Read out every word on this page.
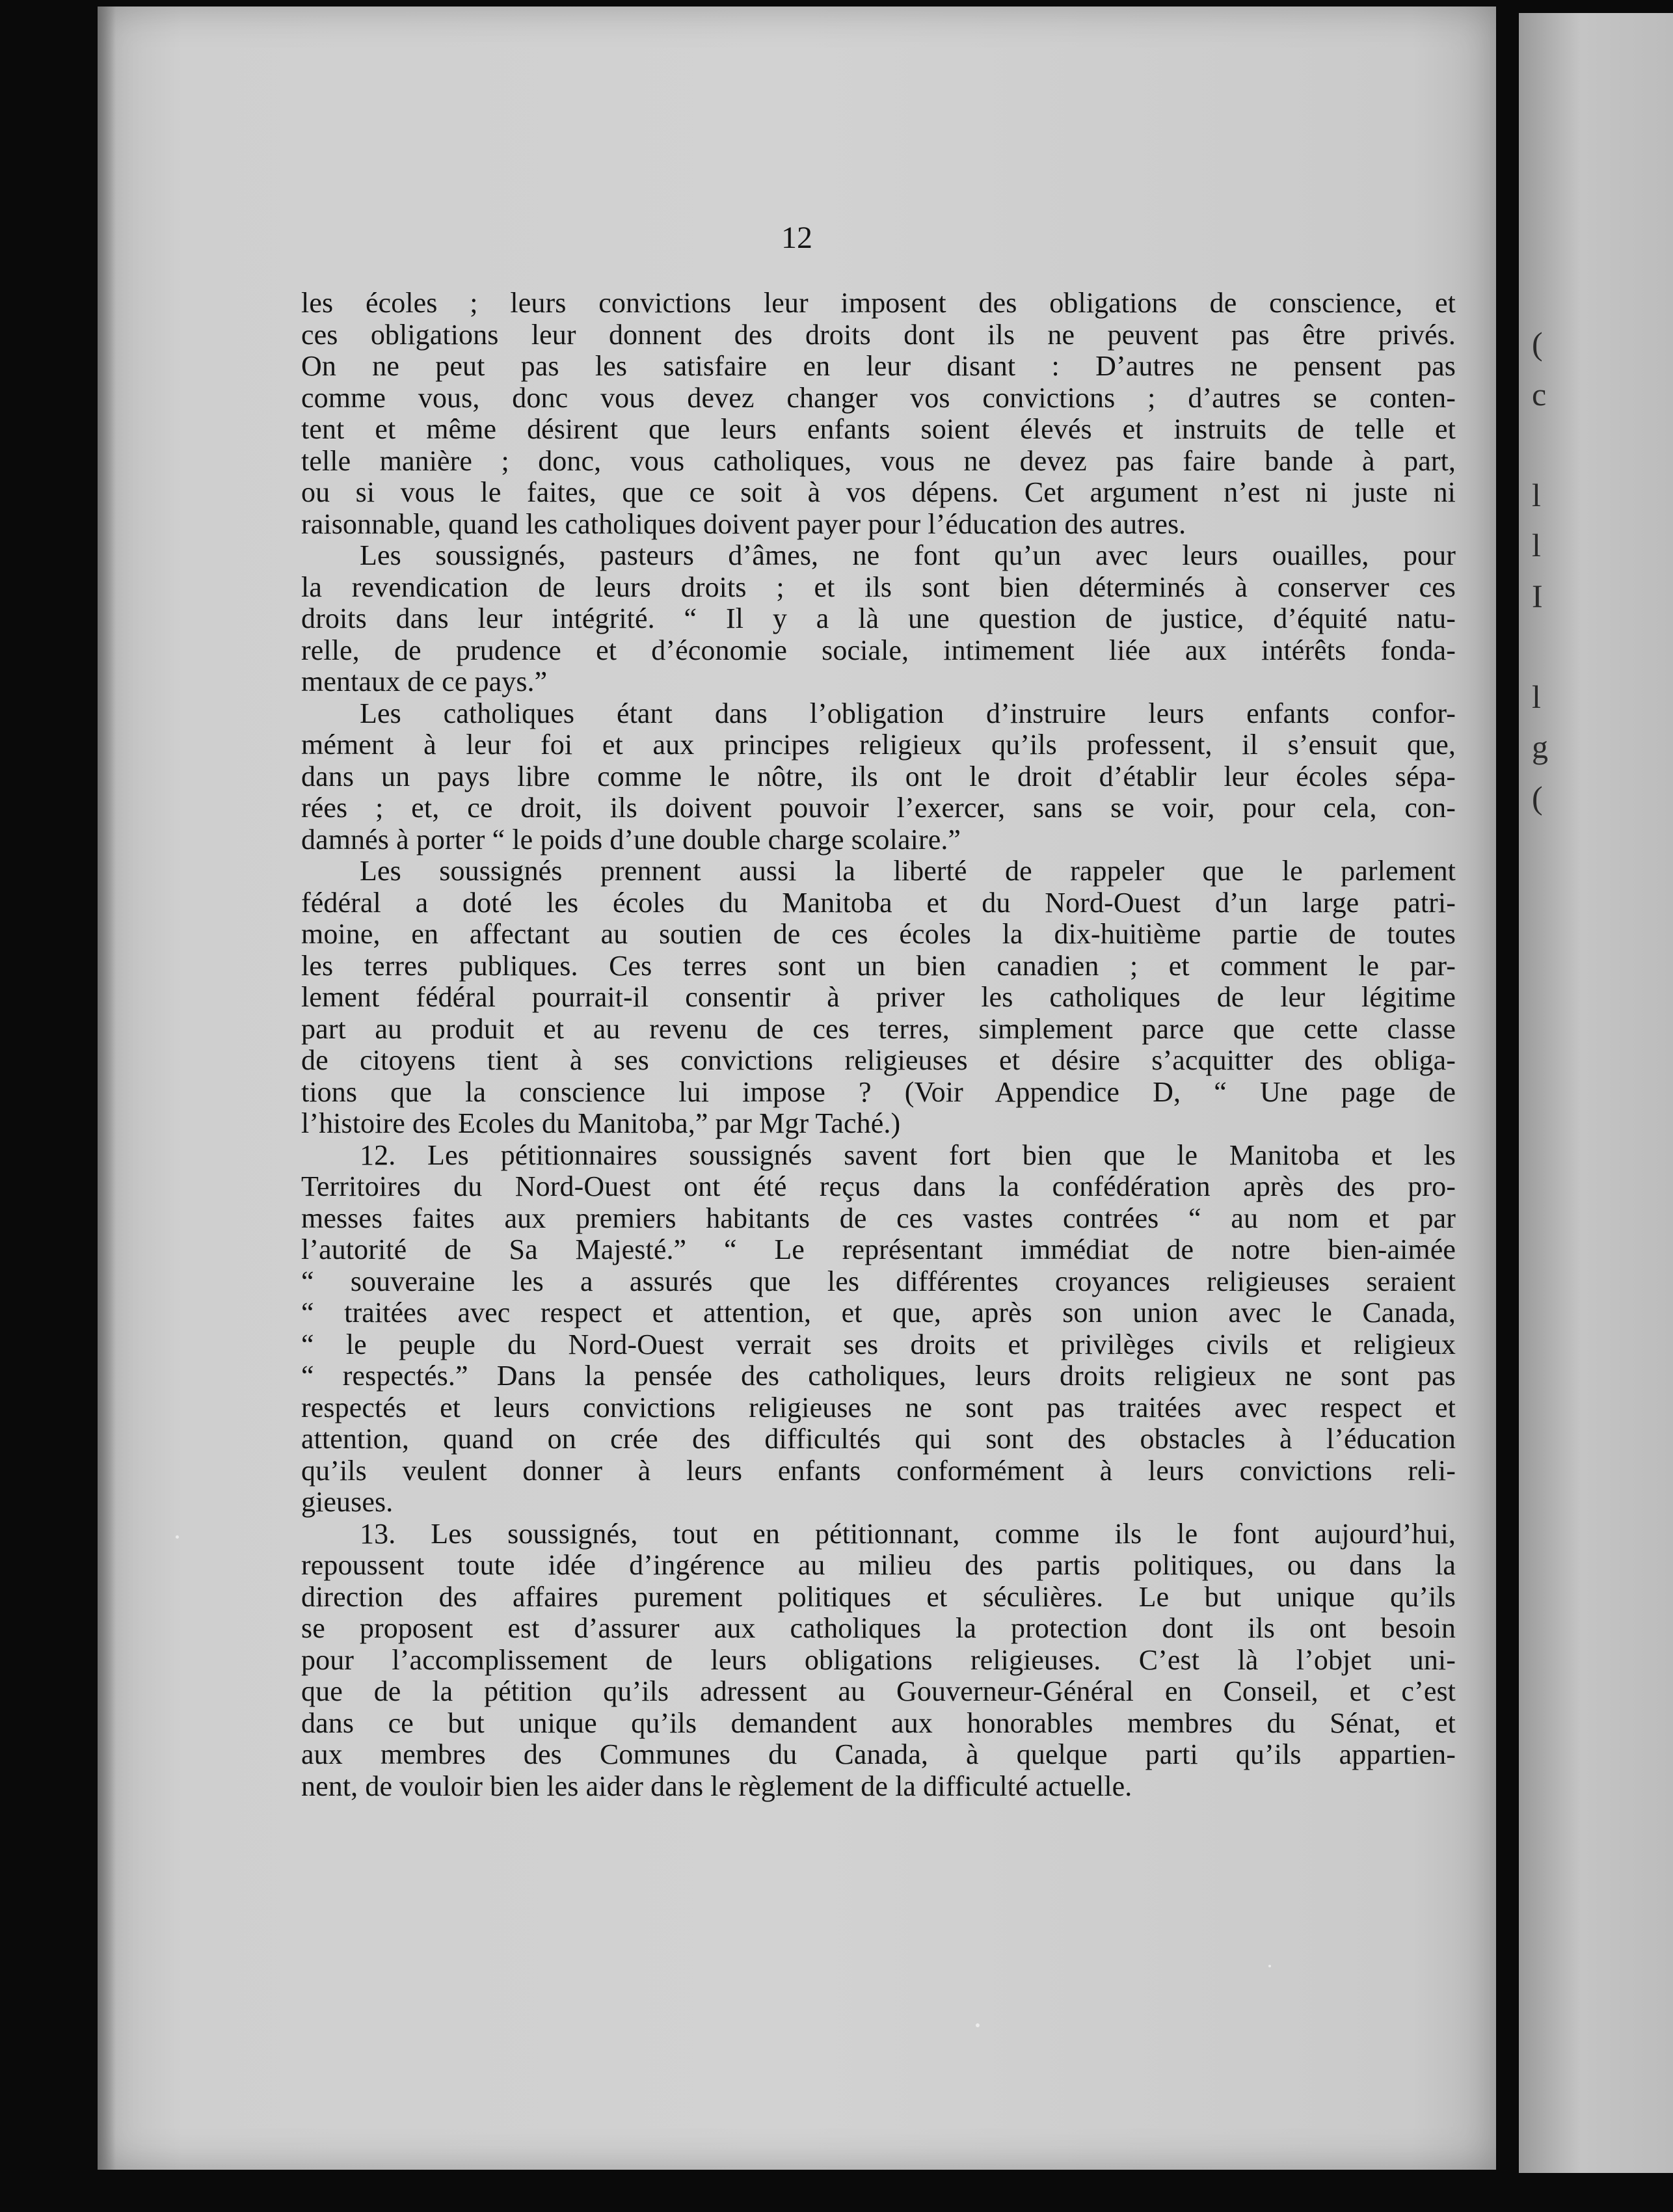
12
les écoles ; leurs convictions leur imposent des obligations de conscience, et
ces obligations leur donnent des droits dont ils ne peuvent pas être privés.
On ne peut pas les satisfaire en leur disant : D’autres ne pensent pas
comme vous, donc vous devez changer vos convictions ; d’autres se conten-
tent et même désirent que leurs enfants soient élevés et instruits de telle et
telle manière ; donc, vous catholiques, vous ne devez pas faire bande à part,
ou si vous le faites, que ce soit à vos dépens. Cet argument n’est ni juste ni
raisonnable, quand les catholiques doivent payer pour l’éducation des autres.
Les soussignés, pasteurs d’âmes, ne font qu’un avec leurs ouailles, pour
la revendication de leurs droits ; et ils sont bien déterminés à conserver ces
droits dans leur intégrité. “ Il y a là une question de justice, d’équité natu-
relle, de prudence et d’économie sociale, intimement liée aux intérêts fonda-
mentaux de ce pays.”
Les catholiques étant dans l’obligation d’instruire leurs enfants confor-
mément à leur foi et aux principes religieux qu’ils professent, il s’ensuit que,
dans un pays libre comme le nôtre, ils ont le droit d’établir leur écoles sépa-
rées ; et, ce droit, ils doivent pouvoir l’exercer, sans se voir, pour cela, con-
damnés à porter “ le poids d’une double charge scolaire.”
Les soussignés prennent aussi la liberté de rappeler que le parlement
fédéral a doté les écoles du Manitoba et du Nord-Ouest d’un large patri-
moine, en affectant au soutien de ces écoles la dix-huitième partie de toutes
les terres publiques. Ces terres sont un bien canadien ; et comment le par-
lement fédéral pourrait-il consentir à priver les catholiques de leur légitime
part au produit et au revenu de ces terres, simplement parce que cette classe
de citoyens tient à ses convictions religieuses et désire s’acquitter des obliga-
tions que la conscience lui impose ? (Voir Appendice D, “ Une page de
l’histoire des Ecoles du Manitoba,” par Mgr Taché.)
12. Les pétitionnaires soussignés savent fort bien que le Manitoba et les
Territoires du Nord-Ouest ont été reçus dans la confédération après des pro-
messes faites aux premiers habitants de ces vastes contrées “ au nom et par
l’autorité de Sa Majesté.” “ Le représentant immédiat de notre bien-aimée
“ souveraine les a assurés que les différentes croyances religieuses seraient
“ traitées avec respect et attention, et que, après son union avec le Canada,
“ le peuple du Nord-Ouest verrait ses droits et privilèges civils et religieux
“ respectés.” Dans la pensée des catholiques, leurs droits religieux ne sont pas
respectés et leurs convictions religieuses ne sont pas traitées avec respect et
attention, quand on crée des difficultés qui sont des obstacles à l’éducation
qu’ils veulent donner à leurs enfants conformément à leurs convictions reli-
gieuses.
13. Les soussignés, tout en pétitionnant, comme ils le font aujourd’hui,
repoussent toute idée d’ingérence au milieu des partis politiques, ou dans la
direction des affaires purement politiques et séculières. Le but unique qu’ils
se proposent est d’assurer aux catholiques la protection dont ils ont besoin
pour l’accomplissement de leurs obligations religieuses. C’est là l’objet uni-
que de la pétition qu’ils adressent au Gouverneur-Général en Conseil, et c’est
dans ce but unique qu’ils demandent aux honorables membres du Sénat, et
aux membres des Communes du Canada, à quelque parti qu’ils appartien-
nent, de vouloir bien les aider dans le règlement de la difficulté actuelle.
(
c

l
l
I

l
g
(
